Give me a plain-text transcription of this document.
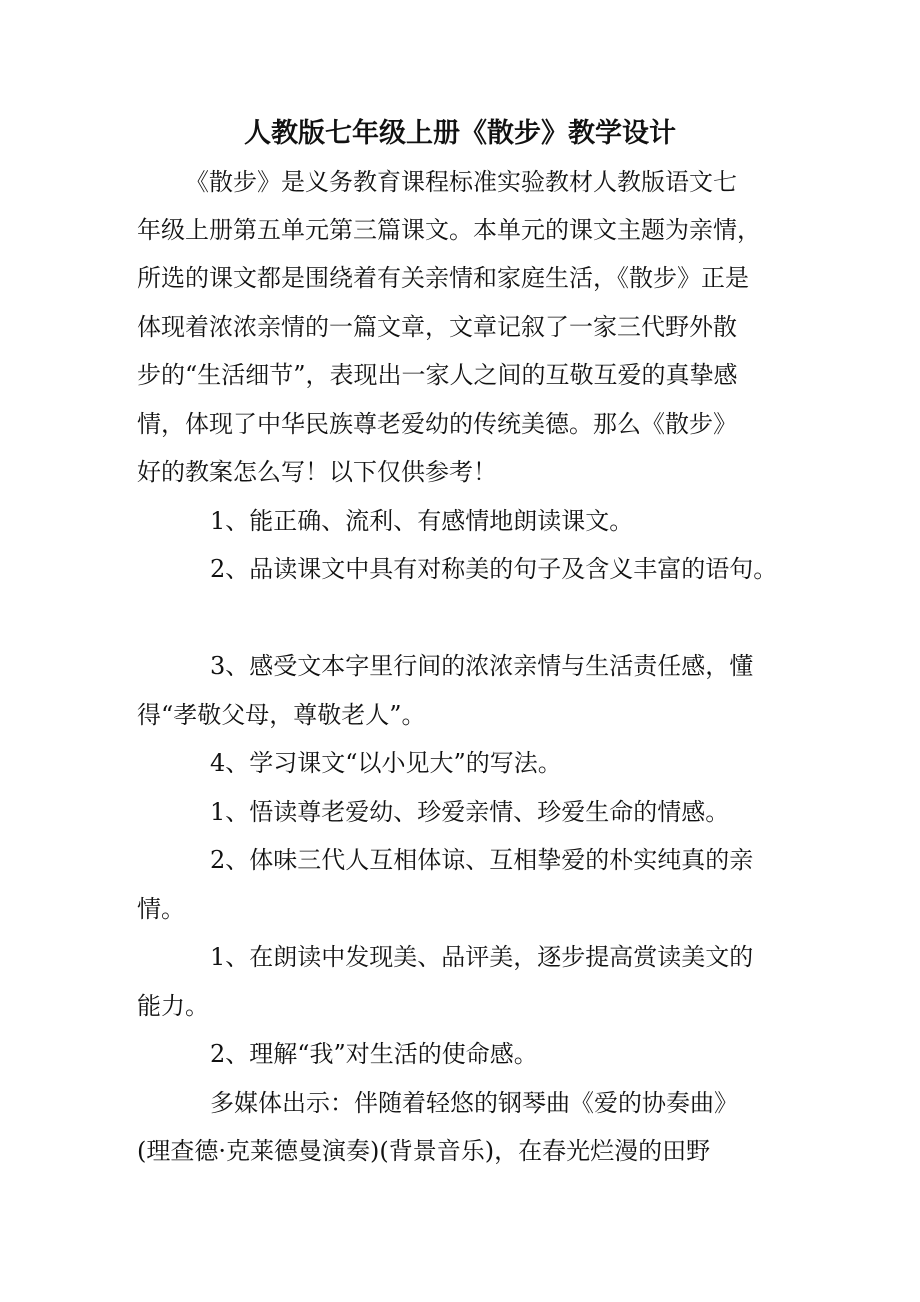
人教版七年级上册《散步》教学设计
《散步》是义务教育课程标准实验教材人教版语文七
年级上册第五单元第三篇课文。本单元的课文主题为亲情，
所选的课文都是围绕着有关亲情和家庭生活，《散步》正是
体现着浓浓亲情的一篇文章，文章记叙了一家三代野外散
步的“生活细节”，表现出一家人之间的互敬互爱的真挚感
情，体现了中华民族尊老爱幼的传统美德。那么《散步》
好的教案怎么写！以下仅供参考！
1、能正确、流利、有感情地朗读课文。
2、品读课文中具有对称美的句子及含义丰富的语句。
3、感受文本字里行间的浓浓亲情与生活责任感，懂
得“孝敬父母，尊敬老人”。
4、学习课文“以小见大”的写法。
1、悟读尊老爱幼、珍爱亲情、珍爱生命的情感。
2、体味三代人互相体谅、互相挚爱的朴实纯真的亲
情。
1、在朗读中发现美、品评美，逐步提高赏读美文的
能力。
2、理解“我”对生活的使命感。
多媒体出示：伴随着轻悠的钢琴曲《爱的协奏曲》
(理查德·克莱德曼演奏)(背景音乐)，在春光烂漫的田野
